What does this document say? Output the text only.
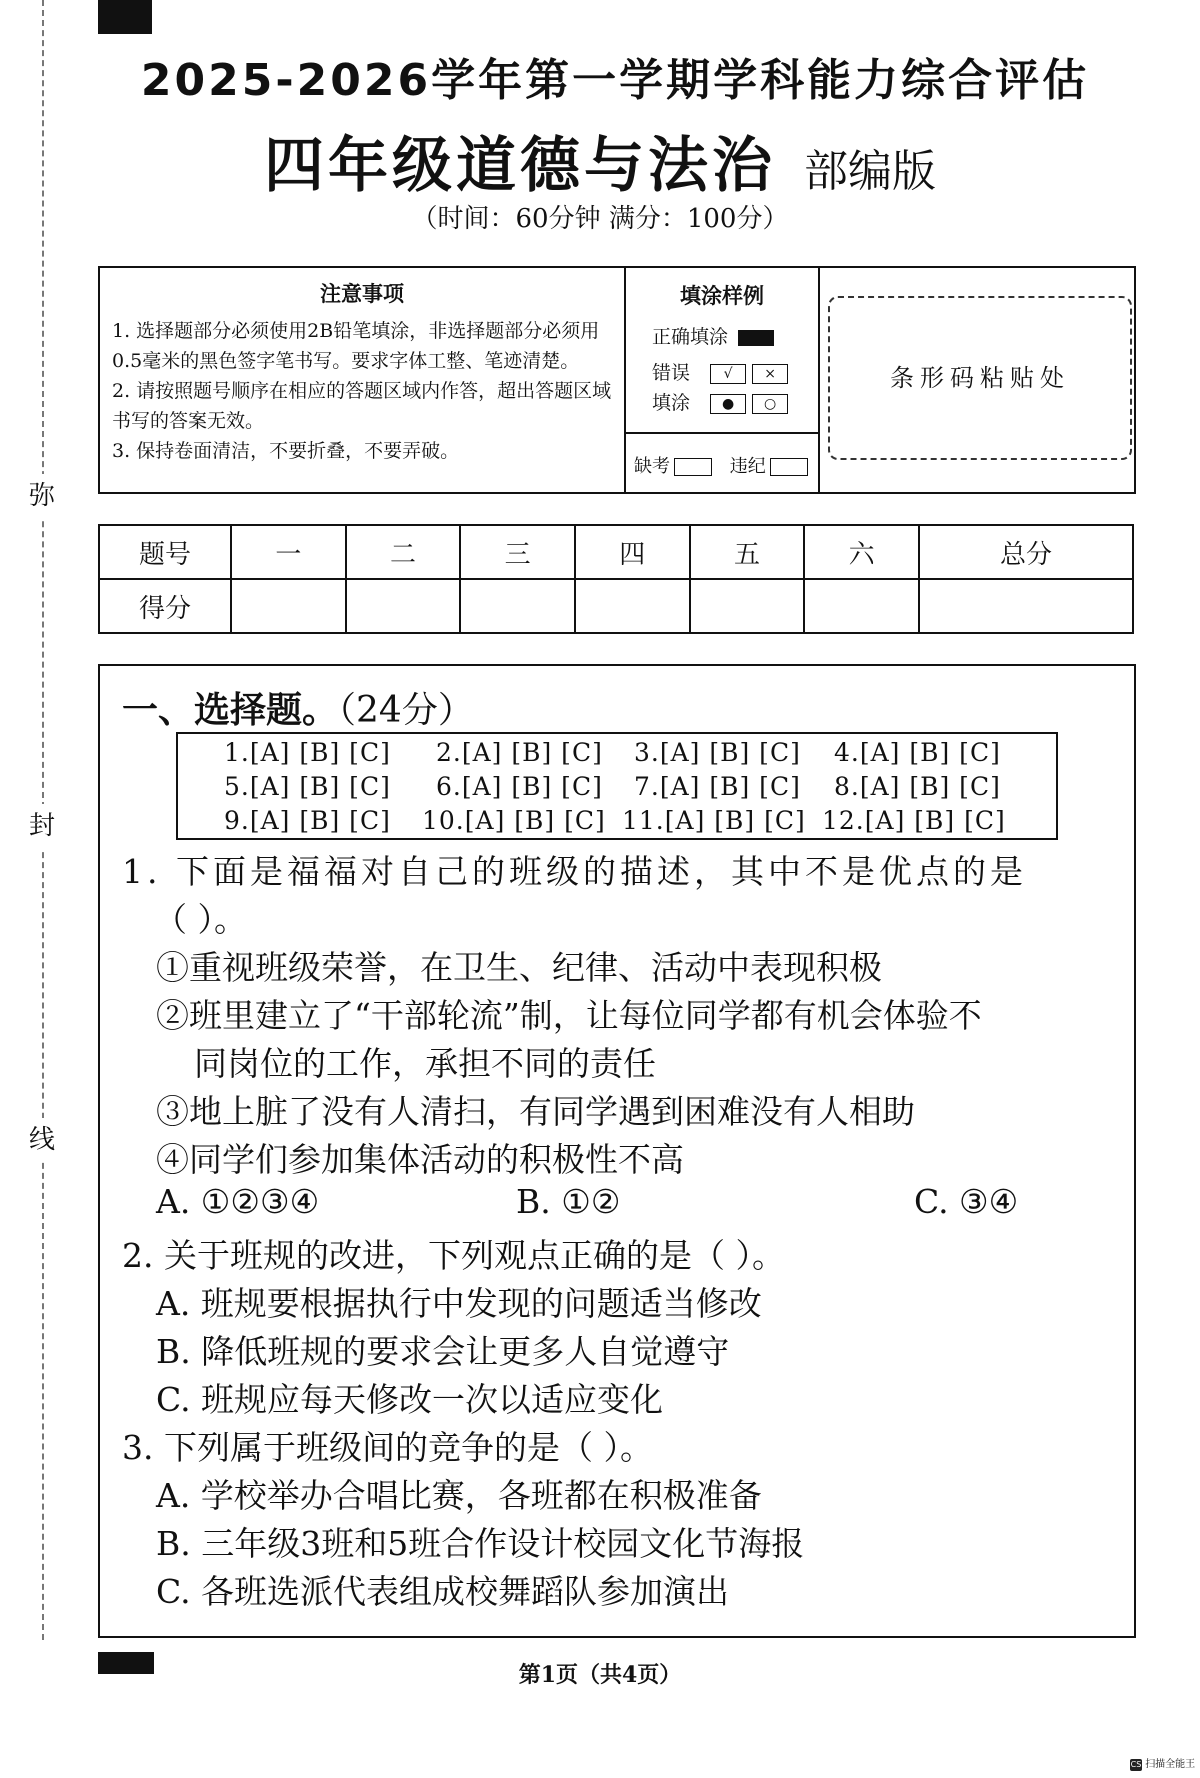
弥
封
线
2025-2026学年第一学期学科能力综合评估
四年级道德与法治 部编版
（时间：60分钟 满分：100分）
注意事项
1. 选择题部分必须使用2B铅笔填涂，非选择题部分必须用0.5毫米的黑色签字笔书写。要求字体工整、笔迹清楚。
2. 请按照题号顺序在相应的答题区域内作答，超出答题区域书写的答案无效。
3. 保持卷面清洁，不要折叠，不要弄破。
填涂样例
正确填涂
错误 √ ×
填涂 ● ○
缺考	违纪
条形码粘贴处
题号	一	二	三	四	五	六	总分
得分							
一、选择题。（24分）
1.[A] [B] [C]	2.[A] [B] [C]	3.[A] [B] [C]	4.[A] [B] [C]
5.[A] [B] [C]	6.[A] [B] [C]	7.[A] [B] [C]	8.[A] [B] [C]
9.[A] [B] [C]	10.[A] [B] [C] 11.[A] [B] [C] 12.[A] [B] [C]
1. 下面是福福对自己的班级的描述，其中不是优点的是
（ ）。
①重视班级荣誉，在卫生、纪律、活动中表现积极
②班里建立了“干部轮流”制，让每位同学都有机会体验不
同岗位的工作，承担不同的责任
③地上脏了没有人清扫，有同学遇到困难没有人相助
④同学们参加集体活动的积极性不高
A. ①②③④	B. ①②	C. ③④
2. 关于班规的改进，下列观点正确的是（ ）。
A. 班规要根据执行中发现的问题适当修改
B. 降低班规的要求会让更多人自觉遵守
C. 班规应每天修改一次以适应变化
3. 下列属于班级间的竞争的是（ ）。
A. 学校举办合唱比赛，各班都在积极准备
B. 三年级3班和5班合作设计校园文化节海报
C. 各班选派代表组成校舞蹈队参加演出
第1页（共4页）
CS 扫描全能王
